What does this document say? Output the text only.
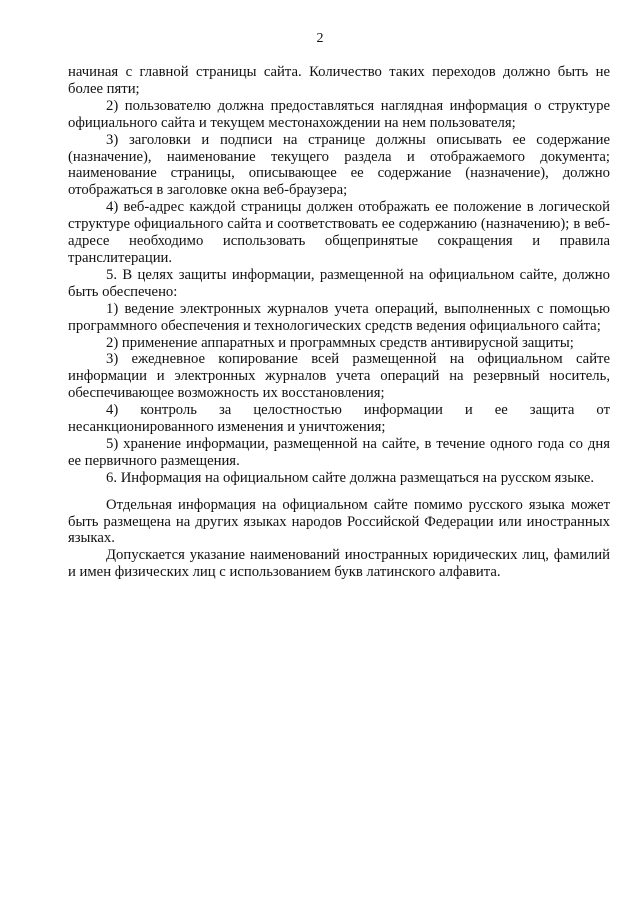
2

начиная с главной страницы сайта. Количество таких переходов должно быть не более пяти;

2) пользователю должна предоставляться наглядная информация о структуре официального сайта и текущем местонахождении на нем пользователя;

3) заголовки и подписи на странице должны описывать ее содержание (назначение), наименование текущего раздела и отображаемого документа; наименование страницы, описывающее ее содержание (назначение), должно отображаться в заголовке окна веб-браузера;

4) веб-адрес каждой страницы должен отображать ее положение в логической структуре официального сайта и соответствовать ее содержанию (назначению); в веб-адресе необходимо использовать общепринятые сокращения и правила транслитерации.

5. В целях защиты информации, размещенной на официальном сайте, должно быть обеспечено:

1) ведение электронных журналов учета операций, выполненных с помощью программного обеспечения и технологических средств ведения официального сайта;

2) применение аппаратных и программных средств антивирусной защиты;

3) ежедневное копирование всей размещенной на официальном сайте информации и электронных журналов учета операций на резервный носитель, обеспечивающее возможность их восстановления;

4) контроль за целостностью информации и ее защита от несанкционированного изменения и уничтожения;

5) хранение информации, размещенной на сайте, в течение одного года со дня ее первичного размещения.

6. Информация на официальном сайте должна размещаться на русском языке.

Отдельная информация на официальном сайте помимо русского языка может быть размещена на других языках народов Российской Федерации или иностранных языках.

Допускается указание наименований иностранных юридических лиц, фамилий и имен физических лиц с использованием букв латинского алфавита.
